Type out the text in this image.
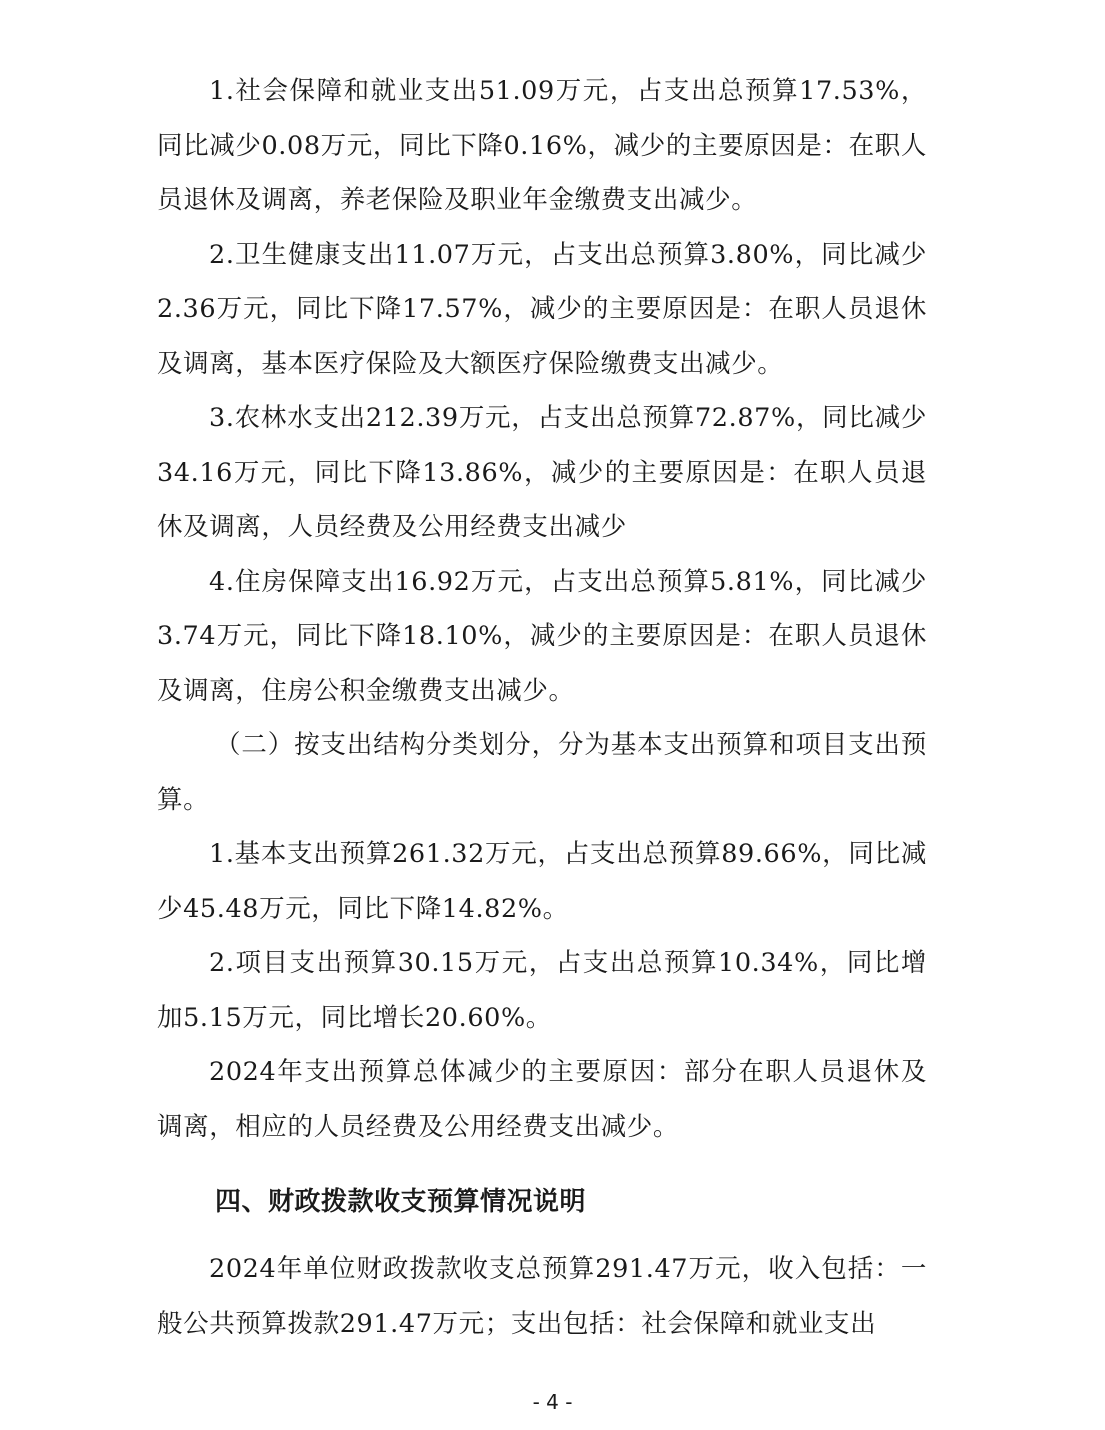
1.社会保障和就业支出51.09万元，占支出总预算17.53%，同比减少0.08万元，同比下降0.16%，减少的主要原因是：在职人员退休及调离，养老保险及职业年金缴费支出减少。

2.卫生健康支出11.07万元，占支出总预算3.80%，同比减少2.36万元，同比下降17.57%，减少的主要原因是：在职人员退休及调离，基本医疗保险及大额医疗保险缴费支出减少。

3.农林水支出212.39万元，占支出总预算72.87%，同比减少34.16万元，同比下降13.86%，减少的主要原因是：在职人员退休及调离，人员经费及公用经费支出减少

4.住房保障支出16.92万元，占支出总预算5.81%，同比减少3.74万元，同比下降18.10%，减少的主要原因是：在职人员退休及调离，住房公积金缴费支出减少。

（二）按支出结构分类划分，分为基本支出预算和项目支出预算。

1.基本支出预算261.32万元，占支出总预算89.66%，同比减少45.48万元，同比下降14.82%。

2.项目支出预算30.15万元，占支出总预算10.34%，同比增加5.15万元，同比增长20.60%。

2024年支出预算总体减少的主要原因：部分在职人员退休及调离，相应的人员经费及公用经费支出减少。

四、财政拨款收支预算情况说明

2024年单位财政拨款收支总预算291.47万元，收入包括：一般公共预算拨款291.47万元；支出包括：社会保障和就业支出

- 4 -
